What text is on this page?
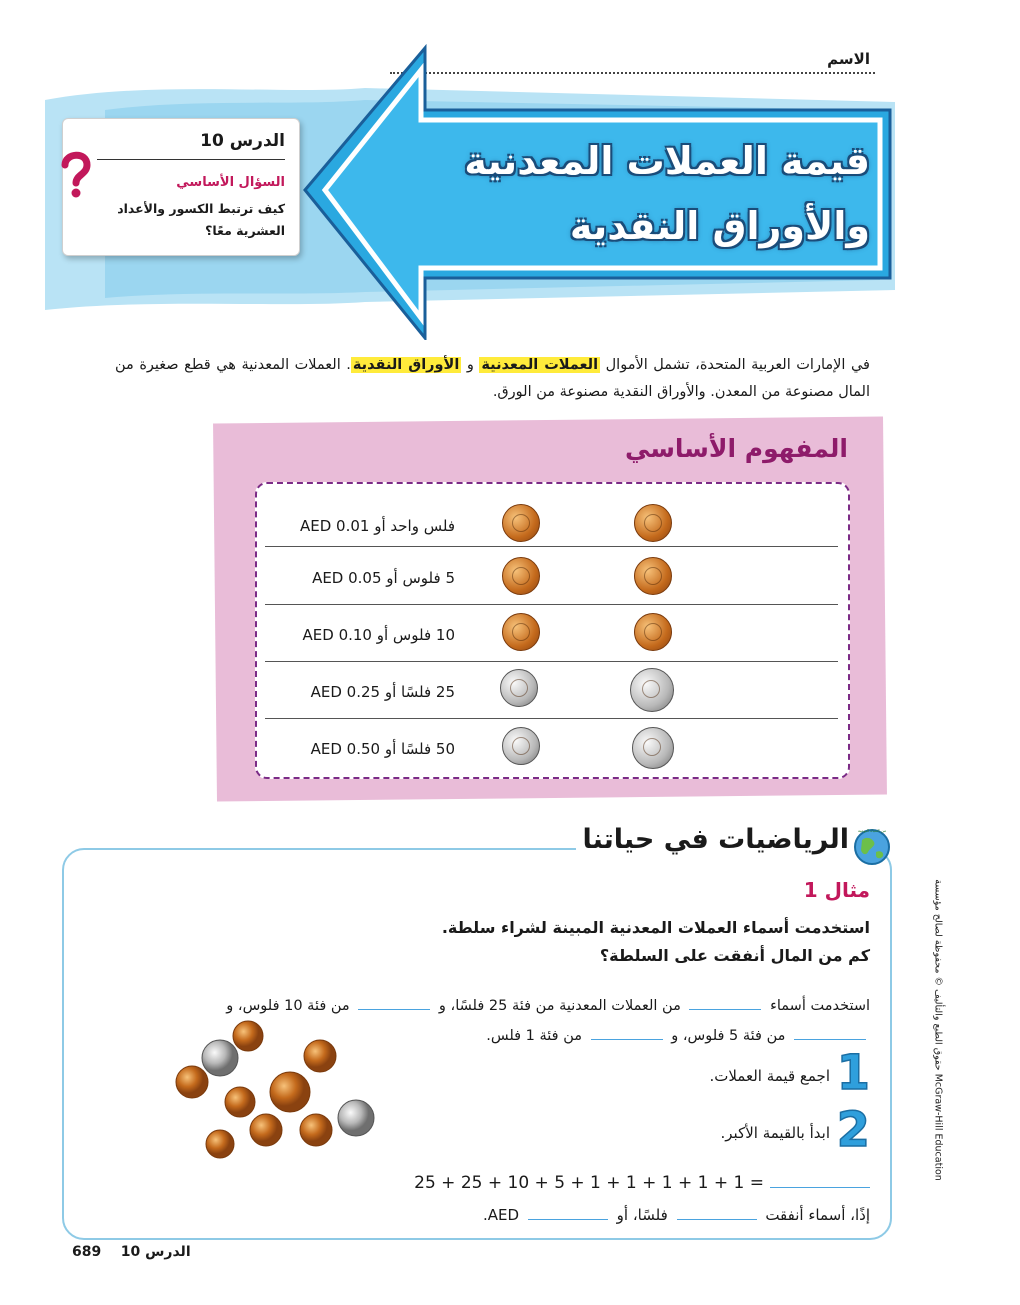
الاسم
قيمة العملات المعدنية
والأوراق النقدية
الدرس 10
السؤال الأساسي
كيف ترتبط الكسور والأعداد
العشرية معًا؟
في الإمارات العربية المتحدة، تشمل الأموال العملات المعدنية و الأوراق النقدية. العملات المعدنية هي قطع صغيرة من المال مصنوعة من المعدن. والأوراق النقدية مصنوعة من الورق.
المفهوم الأساسي
فلس واحد أو AED 0.01
5 فلوس أو AED 0.05
10 فلوس أو AED 0.10
25 فلسًا أو AED 0.25
50 فلسًا أو AED 0.50
الرياضيات في حياتنا	من الحياة اليومية
مثال 1
استخدمت أسماء العملات المعدنية المبينة لشراء سلطة.
كم من المال أنفقت على السلطة؟
استخدمت أسماء  من العملات المعدنية من فئة 25 فلسًا، و  من فئة 10 فلوس، و
من فئة 5 فلوس، و  من فئة 1 فلس.
1
اجمع قيمة العملات.
2
ابدأ بالقيمة الأكبر.
25 + 25 + 10 + 5 + 1 + 1 + 1 + 1 + 1 =
إذًا، أسماء أنفقت  فلسًا، أو  AED.
689 الدرس 10
حقوق الطبع والتأليف © محفوظة لصالح مؤسسة McGraw-Hill Education
